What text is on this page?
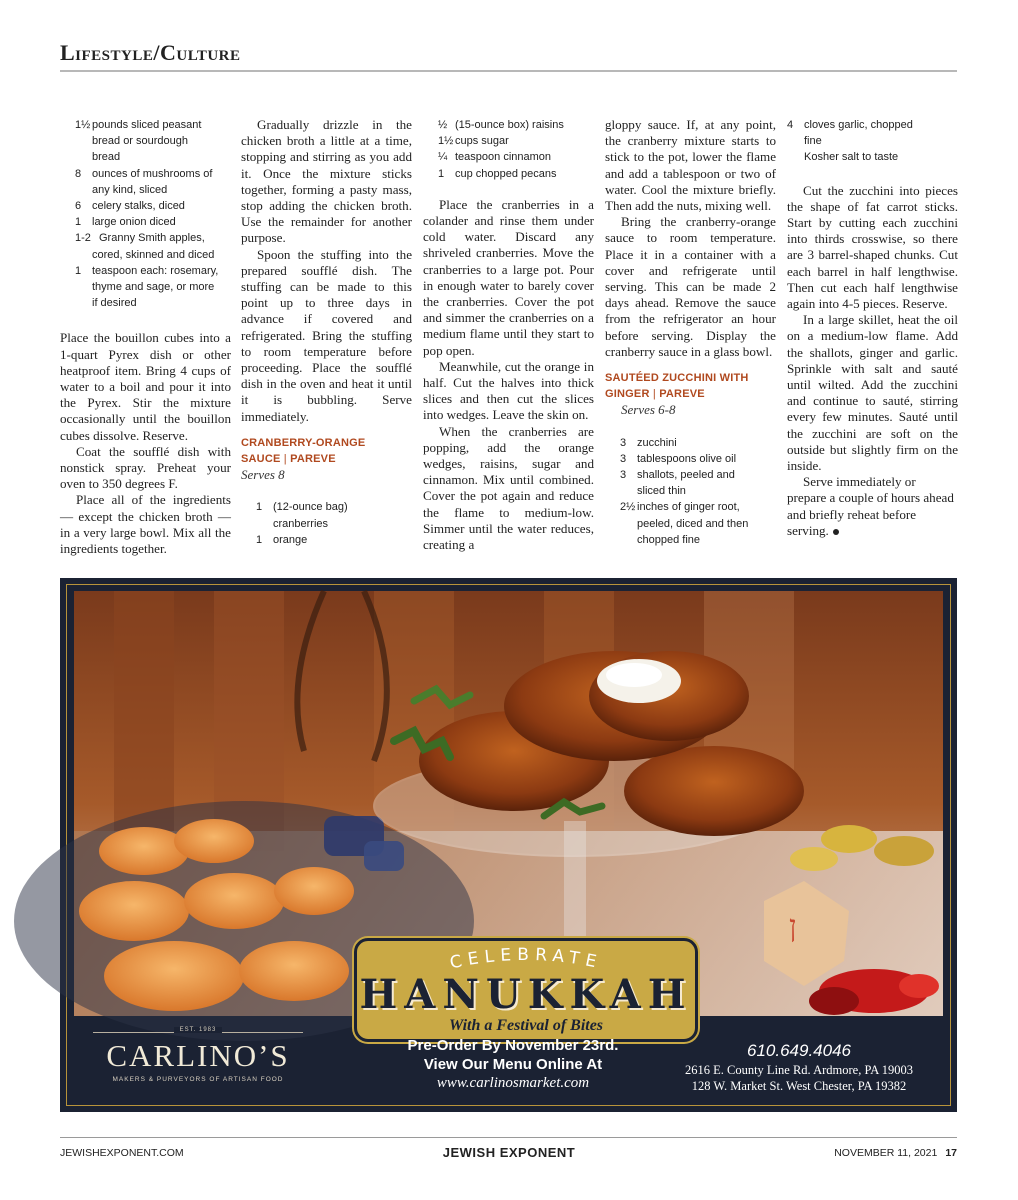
Lifestyle/Culture
1½ pounds sliced peasant
bread or sourdough
bread
8 ounces of mushrooms of
any kind, sliced
6 celery stalks, diced
1 large onion diced
1-2 Granny Smith apples,
cored, skinned and diced
1 teaspoon each: rosemary,
thyme and sage, or more
if desired

Place the bouillon cubes into a 1-quart Pyrex dish or other heatproof item. Bring 4 cups of water to a boil and pour it into the Pyrex. Stir the mixture occasionally until the bouillon cubes dissolve. Reserve.

Coat the soufflé dish with nonstick spray. Preheat your oven to 350 degrees F.

Place all of the ingredients — except the chicken broth — in a very large bowl. Mix all the ingredients together.

Gradually drizzle in the chicken broth a little at a time, stopping and stirring as you add it. Once the mixture sticks together, forming a pasty mass, stop adding the chicken broth. Use the remainder for another purpose.

Spoon the stuffing into the prepared soufflé dish. The stuffing can be made to this point up to three days in advance if covered and refrigerated. Bring the stuffing to room temperature before proceeding. Place the soufflé dish in the oven and heat it until it is bubbling. Serve immediately.

CRANBERRY-ORANGE
SAUCE | PAREVE
Serves 8
1 (12-ounce bag)
cranberries
1 orange
½ (15-ounce box) raisins
1½ cups sugar
¼ teaspoon cinnamon
1 cup chopped pecans

Place the cranberries in a colander and rinse them under cold water. Discard any shriveled cranberries. Move the cranberries to a large pot. Pour in enough water to barely cover the cranberries. Cover the pot and simmer the cranberries on a medium flame until they start to pop open.

Meanwhile, cut the orange in half. Cut the halves into thick slices and then cut the slices into wedges. Leave the skin on.

When the cranberries are popping, add the orange wedges, raisins, sugar and cinnamon. Mix until combined. Cover the pot again and reduce the flame to medium-low. Simmer until the water reduces, creating a

gloppy sauce. If, at any point, the cranberry mixture starts to stick to the pot, lower the flame and add a tablespoon or two of water. Cool the mixture briefly. Then add the nuts, mixing well.

Bring the cranberry-orange sauce to room temperature. Place it in a container with a cover and refrigerate until serving. This can be made 2 days ahead. Remove the sauce from the refrigerator an hour before serving. Display the cranberry sauce in a glass bowl.

SAUTÉED ZUCCHINI WITH
GINGER | PAREVE
Serves 6-8
3 zucchini
3 tablespoons olive oil
3 shallots, peeled and
sliced thin
2½ inches of ginger root,
peeled, diced and then
chopped fine
4 cloves garlic, chopped
fine
Kosher salt to taste

Cut the zucchini into pieces the shape of fat carrot sticks. Start by cutting each zucchini into thirds crosswise, so there are 3 barrel-shaped chunks. Cut each barrel in half lengthwise. Then cut each half lengthwise again into 4-5 pieces. Reserve.

In a large skillet, heat the oil on a medium-low flame. Add the shallots, ginger and garlic. Sprinkle with salt and sauté until wilted. Add the zucchini and continue to sauté, stirring every few minutes. Sauté until the zucchini are soft on the outside but slightly firm on the inside.

Serve immediately or prepare a couple of hours ahead and briefly reheat before serving.

ן
CELEBRATE
HANUKKAH
With a Festival of Bites
EST. 1983
CARLINO’S
MAKERS & PURVEYORS OF ARTISAN FOOD
Pre-Order By November 23rd.
View Our Menu Online At
www.carlinosmarket.com
610.649.4046
2616 E. County Line Rd. Ardmore, PA 19003
128 W. Market St. West Chester, PA 19382
JEWISHEXPONENT.COM	JEWISH EXPONENT	NOVEMBER 11, 2021 17
